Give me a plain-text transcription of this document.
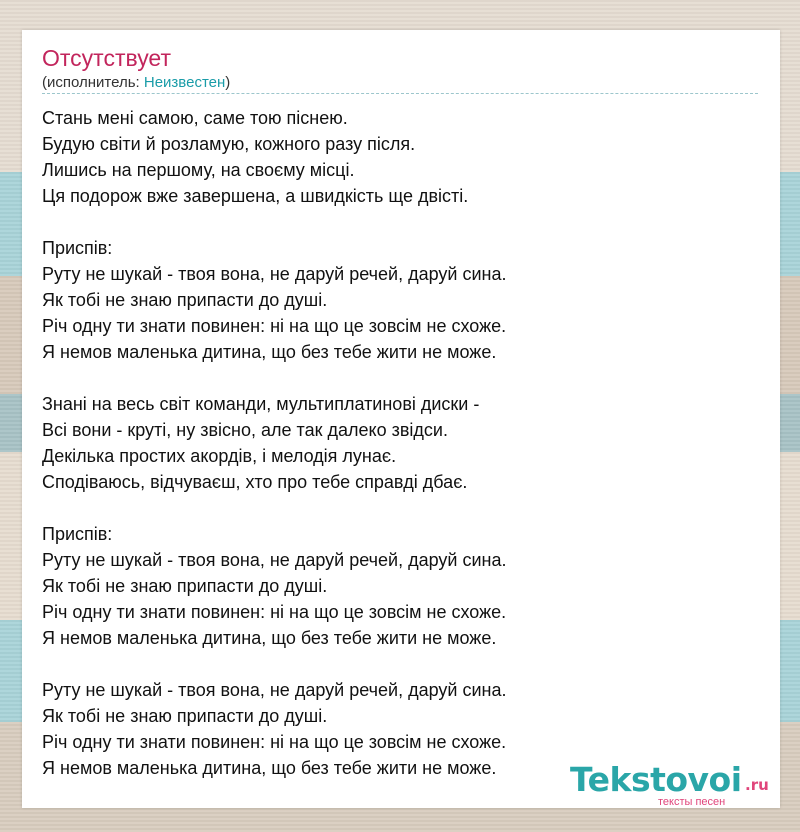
Отсутствует
(исполнитель: Неизвестен)
Стань мені самою, саме тою піснею.
Будую світи й розламую, кожного разу після.
Лишись на першому, на своєму місці.
Ця подорож вже завершена, а швидкість ще двісті.
Приспів:
Руту не шукай - твоя вона, не даруй речей, даруй сина.
Як тобі не знаю припасти до душі.
Річ одну ти знати повинен: ні на що це зовсім не схоже.
Я немов маленька дитина, що без тебе жити не може.
Знані на весь світ команди, мультиплатинові диски -
Всі вони - круті, ну звісно, але так далеко звідси.
Декілька простих акордів, і мелодія лунає.
Сподіваюсь, відчуваєш, хто про тебе справді дбає.
Приспів:
Руту не шукай - твоя вона, не даруй речей, даруй сина.
Як тобі не знаю припасти до душі.
Річ одну ти знати повинен: ні на що це зовсім не схоже.
Я немов маленька дитина, що без тебе жити не може.
Руту не шукай - твоя вона, не даруй речей, даруй сина.
Як тобі не знаю припасти до душі.
Річ одну ти знати повинен: ні на що це зовсім не схоже.
Я немов маленька дитина, що без тебе жити не може.	Tekstovoi .ru
тексты песен
